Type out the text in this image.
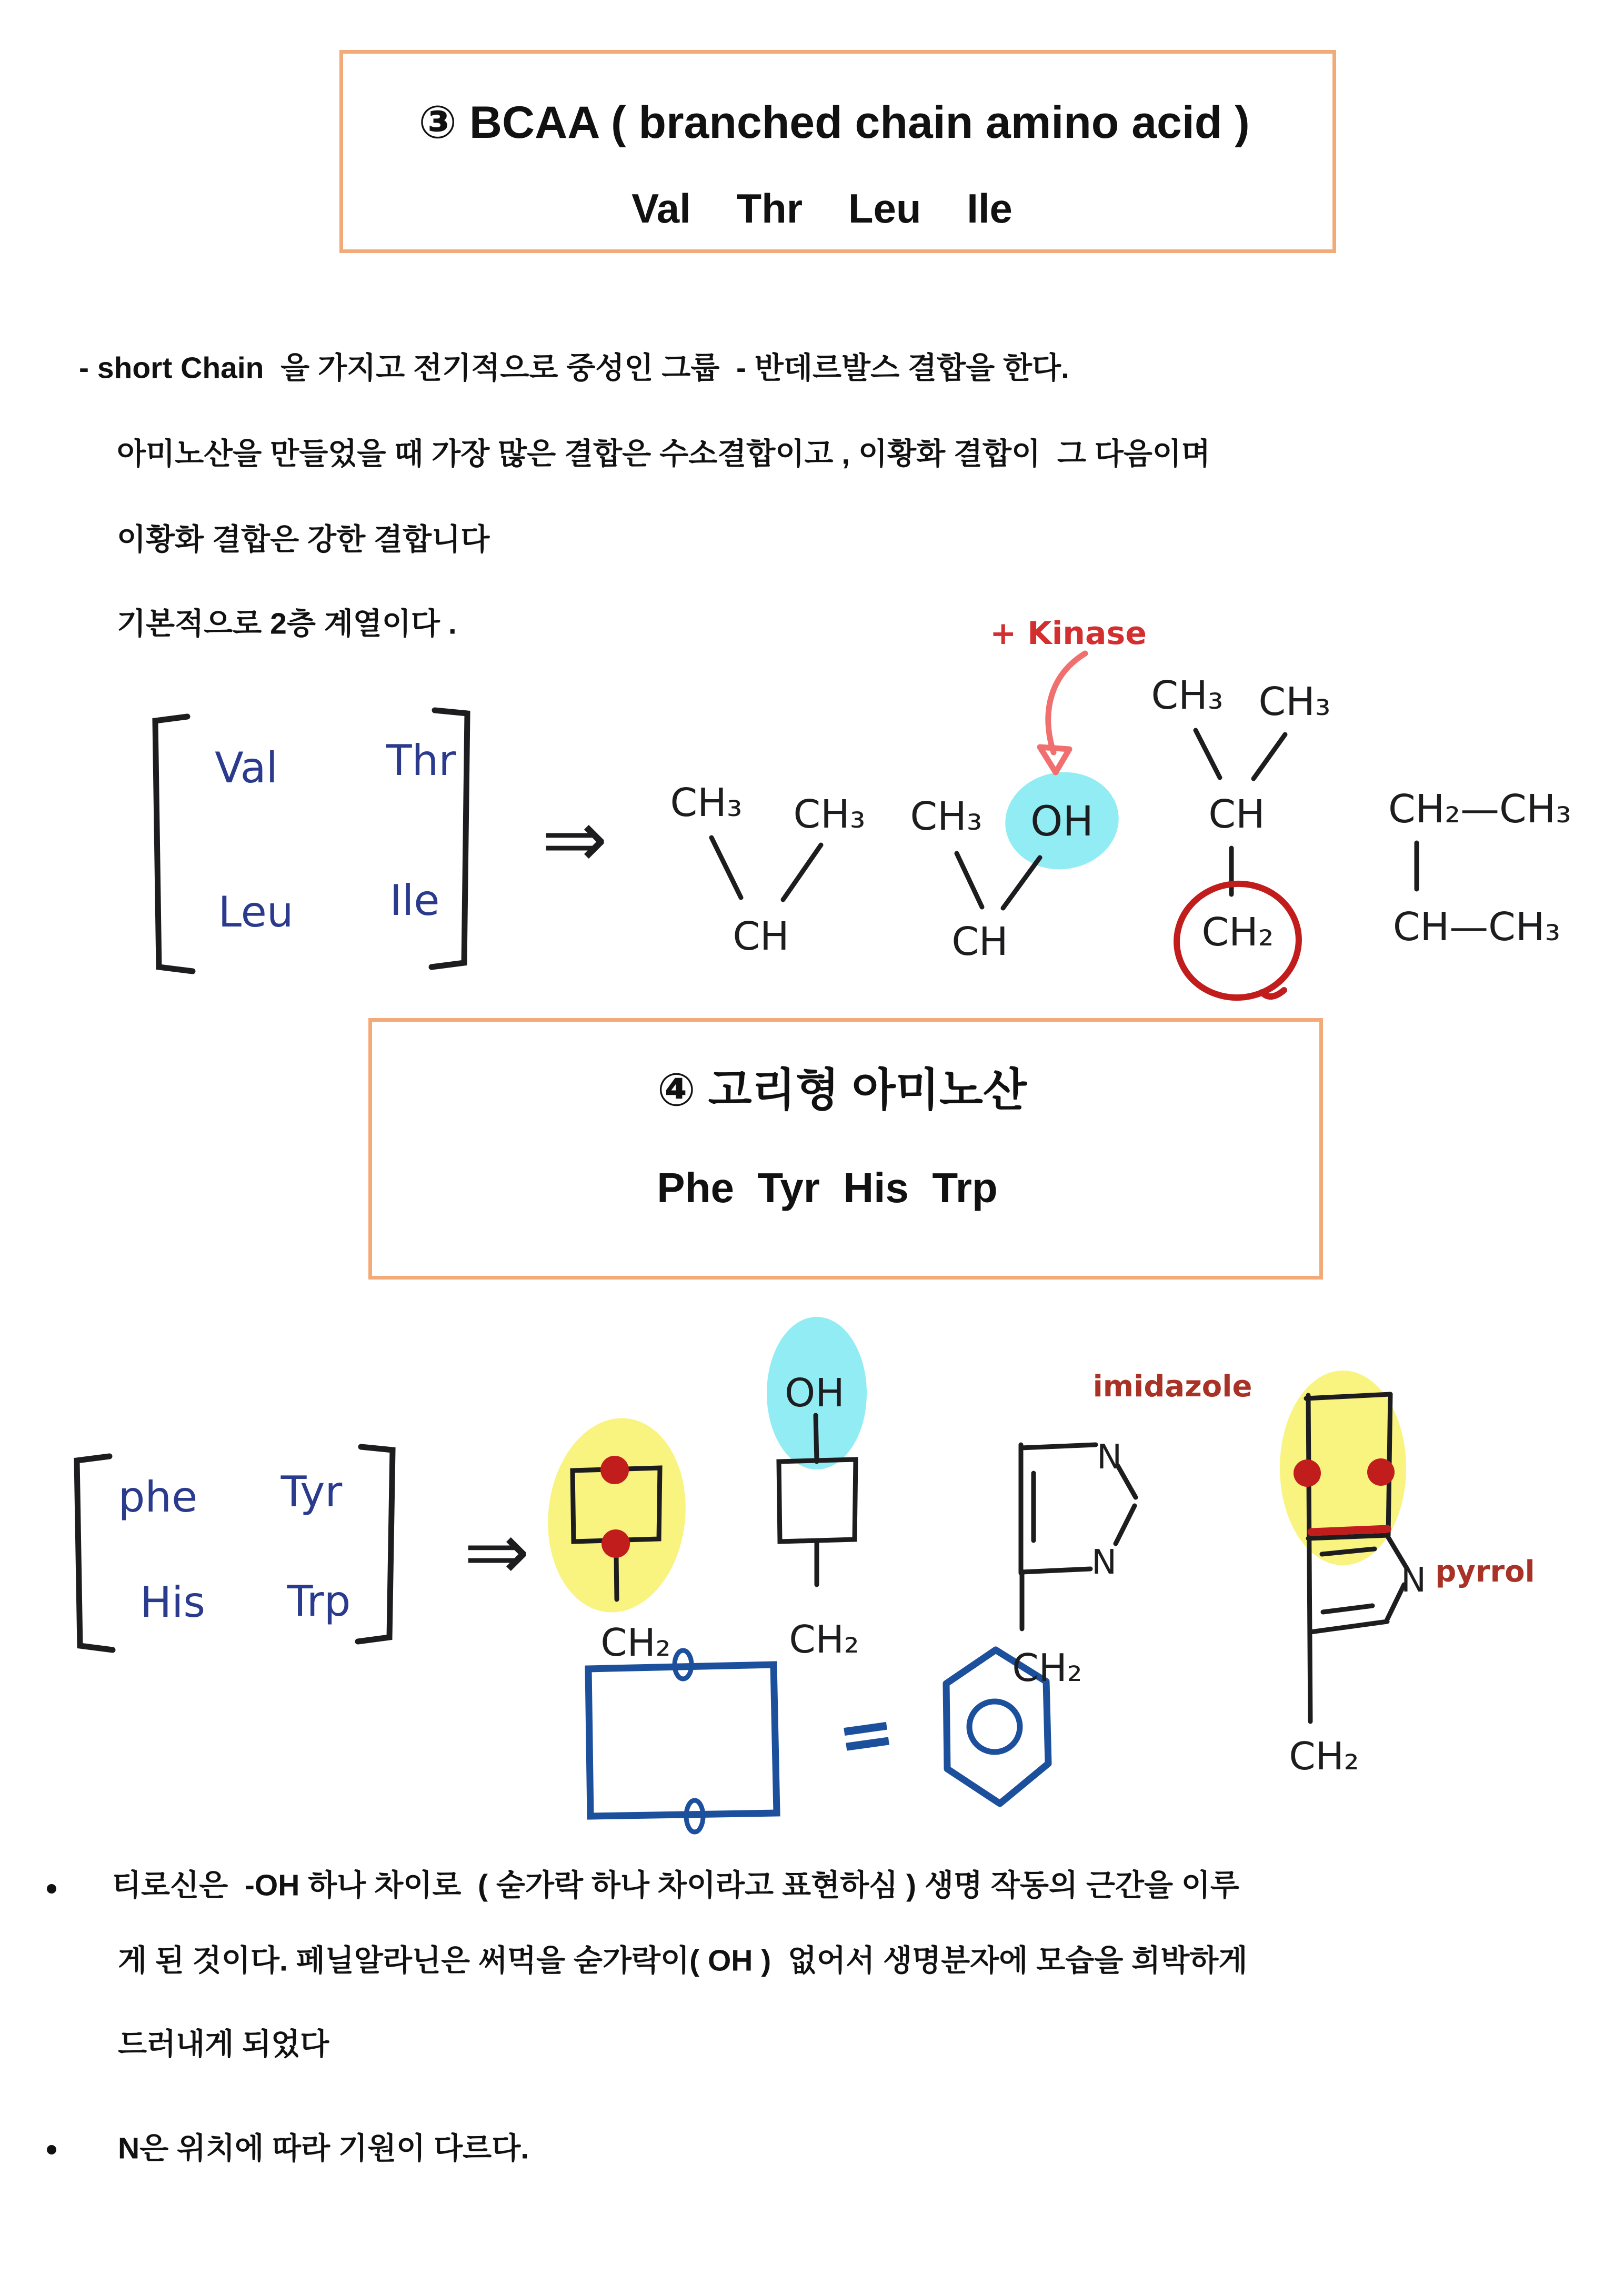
③ BCAA ( branched chain amino acid )
Val    Thr    Leu    Ile
- short Chain  을 가지고 전기적으로 중성인 그룹  - 반데르발스 결합을 한다.
아미노산을 만들었을 때 가장 많은 결합은 수소결합이고 , 이황화 결합이  그 다음이며
이황화 결합은 강한 결합니다
기본적으로 2층 계열이다 .	+ Kinase
Val	Thr
Leu Ile
⇒ CH₃ CH₃
CH
CH₃ OH
CH
CH₃ CH₃
CH
CH₂
CH₂—CH₃
CH—CH₃
④ 고리형 아미노산
Phe  Tyr  His  Trp
phe Tyr
His Trp
⇒
CH₂
OH
CH₂
imidazole
N
N
CH₂
N pyrrol
CH₂
=
티로신은  -OH 하나 차이로  ( 숟가락 하나 차이라고 표현하심 ) 생명 작동의 근간을 이루
게 된 것이다. 페닐알라닌은 써먹을 숟가락이( OH )  없어서 생명분자에 모습을 희박하게
드러내게 되었다
N은 위치에 따라 기원이 다르다.
